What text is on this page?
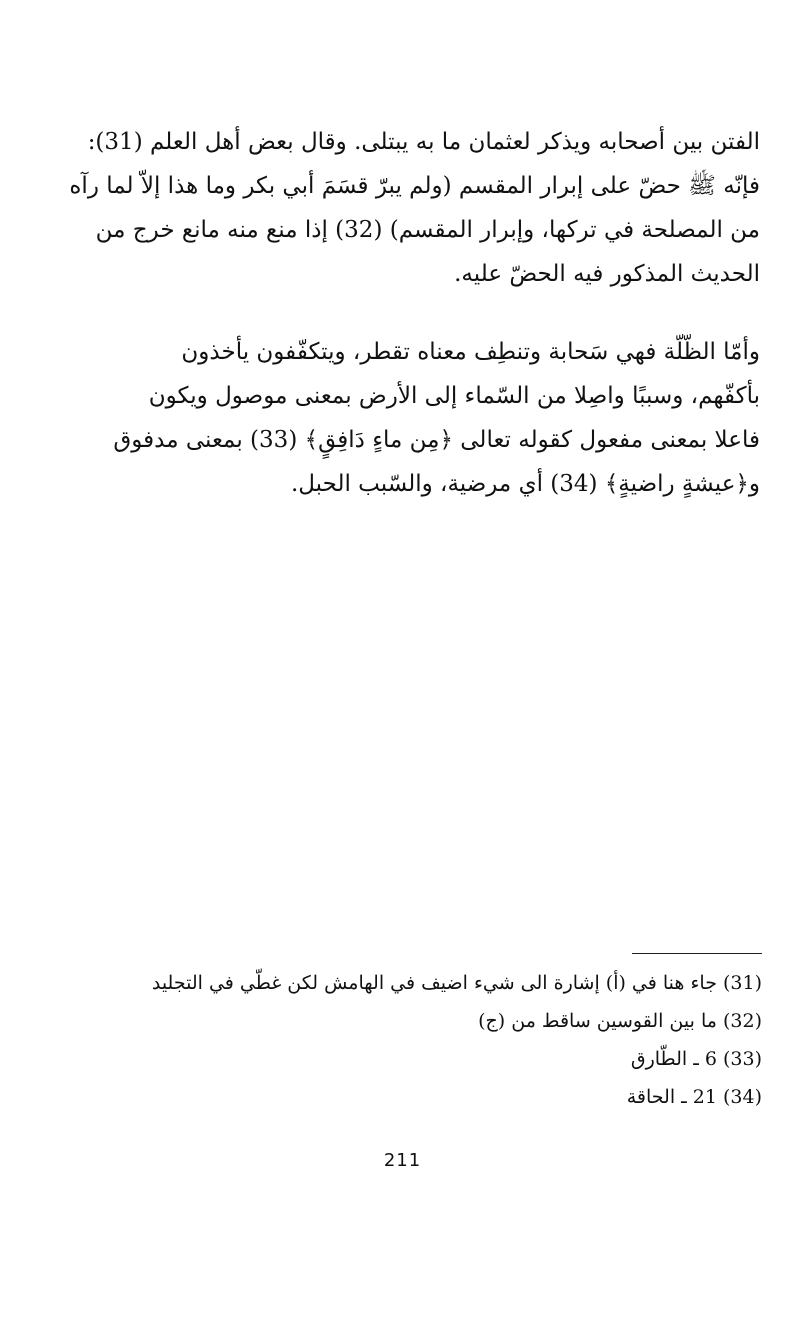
الفتن بين أصحابه ويذكر لعثمان ما به يبتلى. وقال بعض أهل العلم (31):
فإنّه ﷺ حضّ على إبرار المقسم (ولم يبرّ قسَمَ أبي بكر وما هذا إلاّ لما رآه
من المصلحة في تركها، وإبرار المقسم) (32) إذا منع منه مانع خرج من
الحديث المذكور فيه الحضّ عليه.
وأمّا الظّلّة فهي سَحابة وتنطِف معناه تقطر، ويتكفّفون يأخذون
بأكفّهم، وسببًا واصِلا من السّماء إلى الأرض بمعنى موصول ويكون
فاعلا بمعنى مفعول كقوله تعالى ﴿مِن ماءٍ دَافِقٍ﴾ (33) بمعنى مدفوق
و﴿عيشةٍ راضيةٍ﴾ (34) أي مرضية، والسّبب الحبل.
(31) جاء هنا في (أ) إشارة الى شيء اضيف في الهامش لكن غطّي في التجليد
(32) ما بين القوسين ساقط من (ج)
(33) 6 ـ الطّارق
(34) 21 ـ الحاقة
211
